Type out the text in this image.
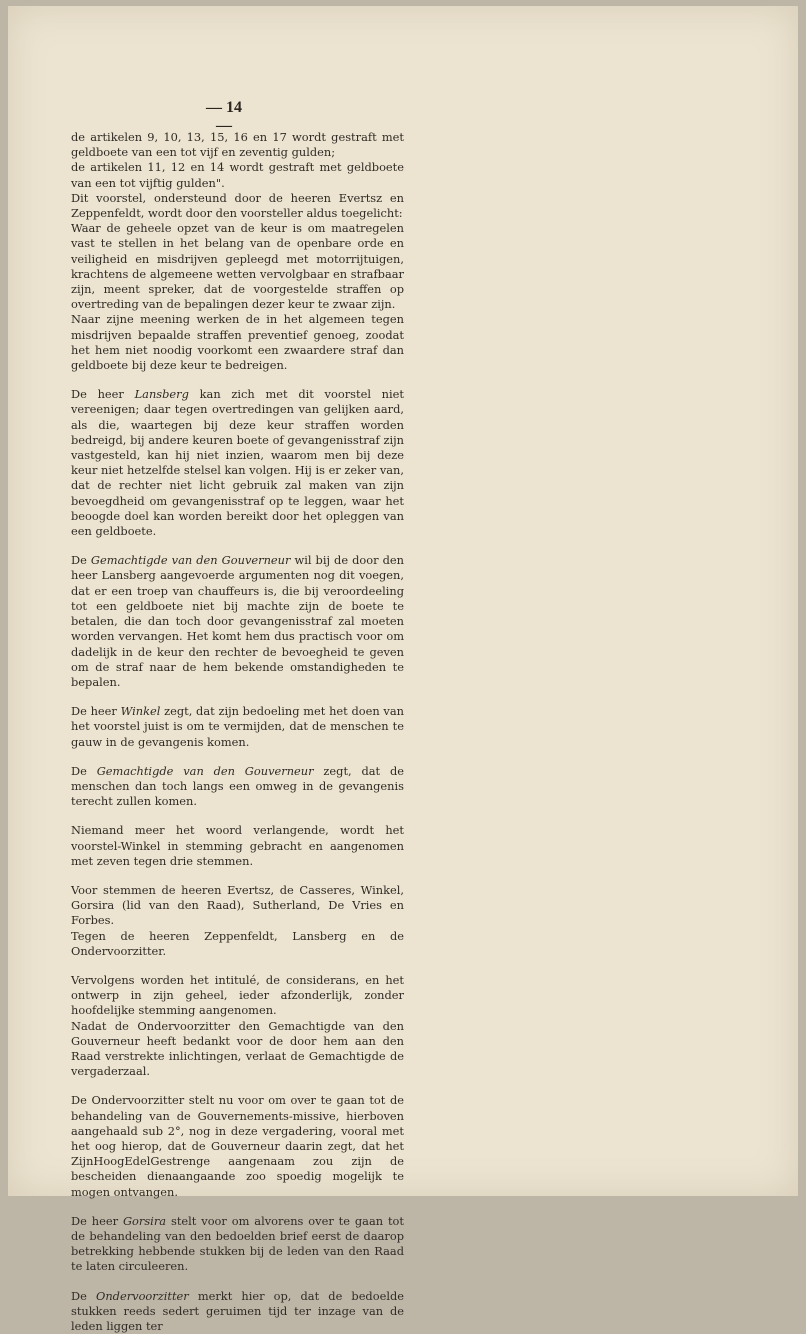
— 14 —

de artikelen 9, 10, 13, 15, 16 en 17 wordt gestraft met geldboete van een tot vijf en zeventig gulden;

de artikelen 11, 12 en 14 wordt gestraft met geldboete van een tot vijftig gulden".

Dit voorstel, ondersteund door de heeren Evertsz en Zeppenfeldt, wordt door den voorsteller aldus toegelicht:

Waar de geheele opzet van de keur is om maatregelen vast te stellen in het belang van de openbare orde en veiligheid en misdrijven gepleegd met motorrijtuigen, krachtens de algemeene wetten vervolgbaar en strafbaar zijn, meent spreker, dat de voorgestelde straffen op overtreding van de bepalingen dezer keur te zwaar zijn.

Naar zijne meening werken de in het algemeen tegen misdrijven bepaalde straffen preventief genoeg, zoodat het hem niet noodig voorkomt een zwaardere straf dan geldboete bij deze keur te bedreigen.

De heer Lansberg kan zich met dit voorstel niet vereenigen; daar tegen overtredingen van gelijken aard, als die, waartegen bij deze keur straffen worden bedreigd, bij andere keuren boete of gevangenisstraf zijn vastgesteld, kan hij niet inzien, waarom men bij deze keur niet hetzelfde stelsel kan volgen. Hij is er zeker van, dat de rechter niet licht gebruik zal maken van zijn bevoegdheid om gevangenisstraf op te leggen, waar het beoogde doel kan worden bereikt door het opleggen van een geldboete.

De Gemachtigde van den Gouverneur wil bij de door den heer Lansberg aangevoerde argumenten nog dit voegen, dat er een troep van chauffeurs is, die bij veroordeeling tot een geldboete niet bij machte zijn de boete te betalen, die dan toch door gevangenisstraf zal moeten worden vervangen. Het komt hem dus practisch voor om dadelijk in de keur den rechter de bevoegheid te geven om de straf naar de hem bekende omstandigheden te bepalen.

De heer Winkel zegt, dat zijn bedoeling met het doen van het voorstel juist is om te vermijden, dat de menschen te gauw in de gevangenis komen.

De Gemachtigde van den Gouverneur zegt, dat de menschen dan toch langs een omweg in de gevangenis terecht zullen komen.

Niemand meer het woord verlangende, wordt het voorstel-Winkel in stemming gebracht en aangenomen met zeven tegen drie stemmen.

Voor stemmen de heeren Evertsz, de Casseres, Winkel, Gorsira (lid van den Raad), Sutherland, De Vries en Forbes.

Tegen de heeren Zeppenfeldt, Lansberg en de Ondervoorzitter.

Vervolgens worden het intitulé, de considerans, en het ontwerp in zijn geheel, ieder afzonderlijk, zonder hoofdelijke stemming aangenomen.

Nadat de Ondervoorzitter den Gemachtigde van den Gouverneur heeft bedankt voor de door hem aan den Raad verstrekte inlichtingen, verlaat de Gemachtigde de vergaderzaal.

De Ondervoorzitter stelt nu voor om over te gaan tot de behandeling van de Gouvernements-missive, hierboven aangehaald sub 2°, nog in deze vergadering, vooral met het oog hierop, dat de Gouverneur daarin zegt, dat het ZijnHoogEdelGestrenge aangenaam zou zijn de bescheiden dienaangaande zoo spoedig mogelijk te mogen ontvangen.

De heer Gorsira stelt voor om alvorens over te gaan tot de behandeling van den bedoelden brief eerst de daarop betrekking hebbende stukken bij de leden van den Raad te laten circuleeren.

De Ondervoorzitter merkt hier op, dat de bedoelde stukken reeds sedert geruimen tijd ter inzage van de leden liggen ter
